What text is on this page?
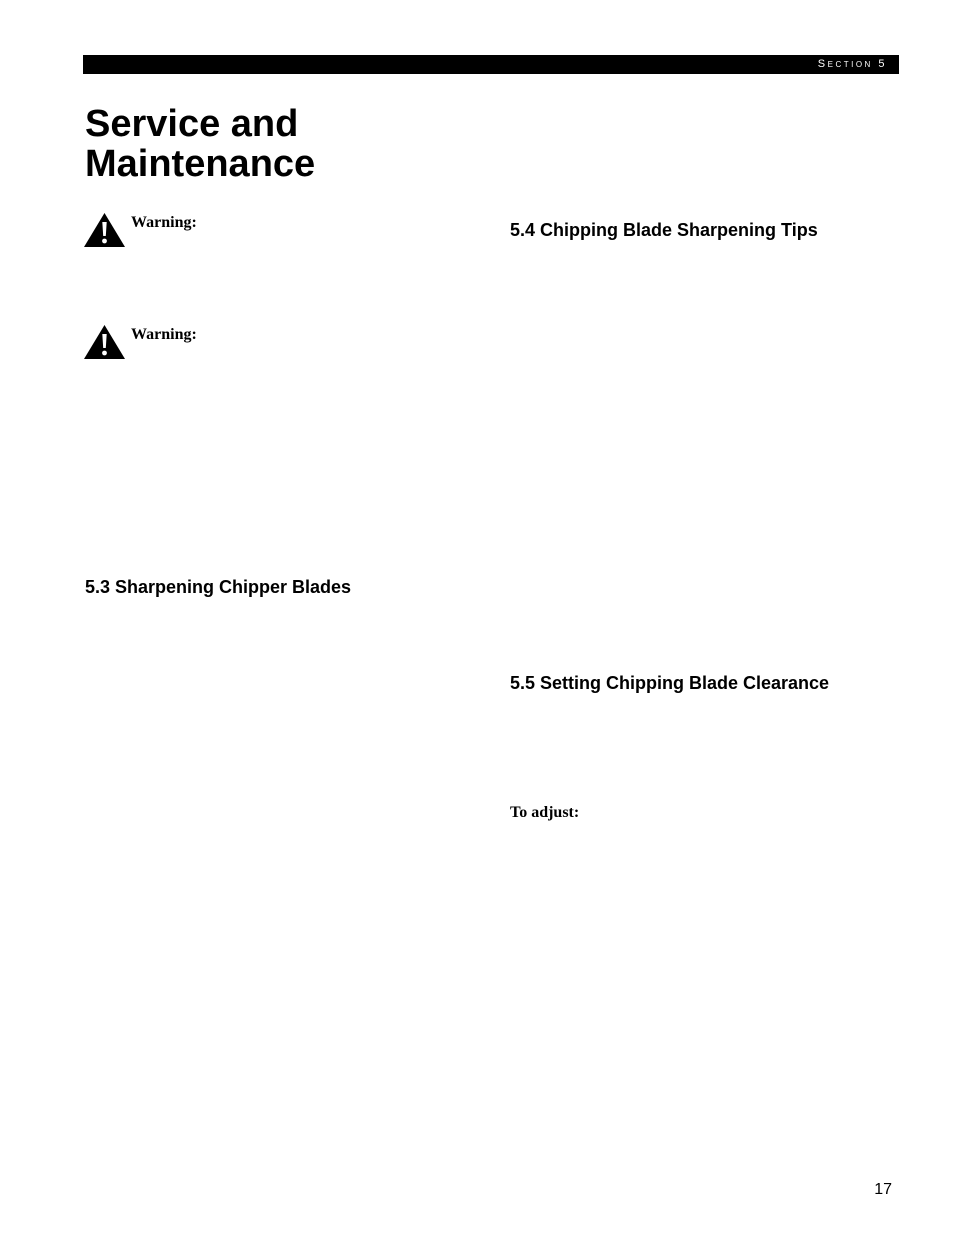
Section 5
Service and Maintenance
Warning:
Warning:
5.3 Sharpening Chipper Blades
5.4 Chipping Blade Sharpening Tips
5.5 Setting Chipping Blade Clearance
To adjust:
17
